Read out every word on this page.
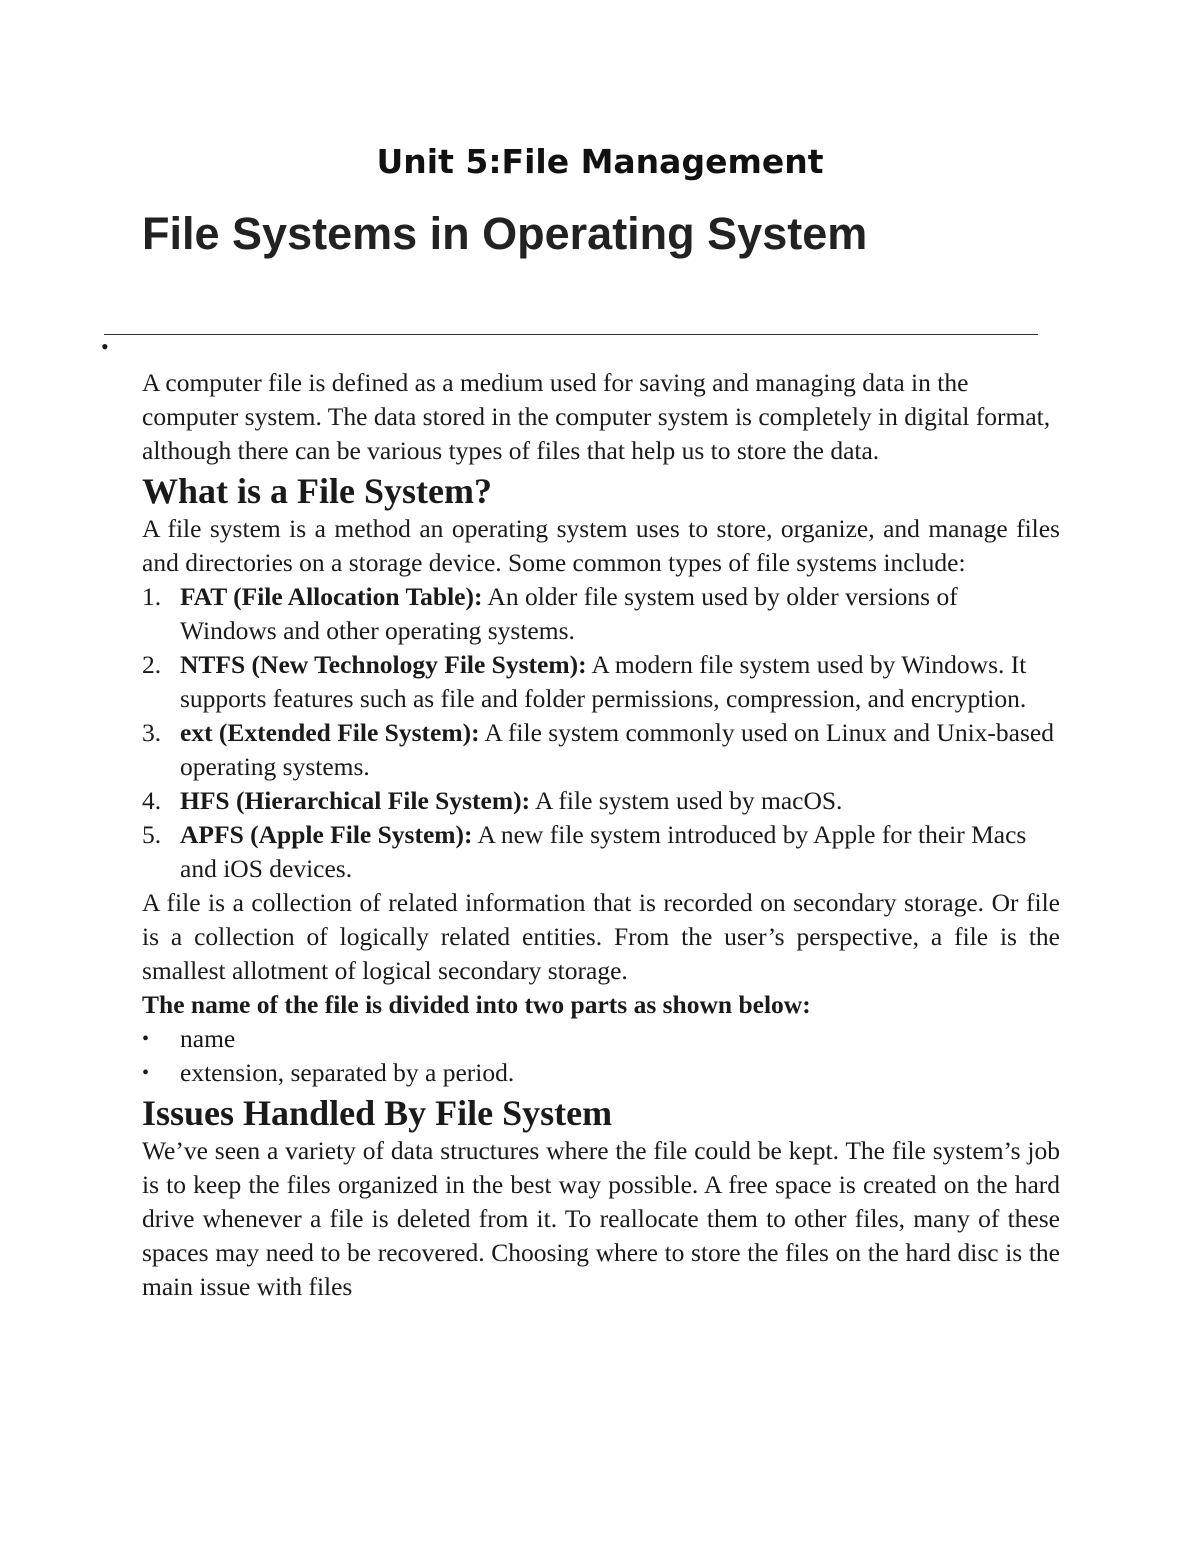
Unit 5:File Management
File Systems in Operating System
•

A computer file is defined as a medium used for saving and managing data in the computer system. The data stored in the computer system is completely in digital format, although there can be various types of files that help us to store the data.

What is a File System?

A file system is a method an operating system uses to store, organize, and manage files and directories on a storage device. Some common types of file systems include:

1. FAT (File Allocation Table): An older file system used by older versions of Windows and other operating systems.
2. NTFS (New Technology File System): A modern file system used by Windows. It supports features such as file and folder permissions, compression, and encryption.
3. ext (Extended File System): A file system commonly used on Linux and Unix-based operating systems.
4. HFS (Hierarchical File System): A file system used by macOS.
5. APFS (Apple File System): A new file system introduced by Apple for their Macs and iOS devices.

A file is a collection of related information that is recorded on secondary storage. Or file is a collection of logically related entities. From the user’s perspective, a file is the smallest allotment of logical secondary storage.

The name of the file is divided into two parts as shown below:

• name
• extension, separated by a period.
Issues Handled By File System

We’ve seen a variety of data structures where the file could be kept. The file system’s job is to keep the files organized in the best way possible. A free space is created on the hard drive whenever a file is deleted from it. To reallocate them to other files, many of these spaces may need to be recovered. Choosing where to store the files on the hard disc is the main issue with files
